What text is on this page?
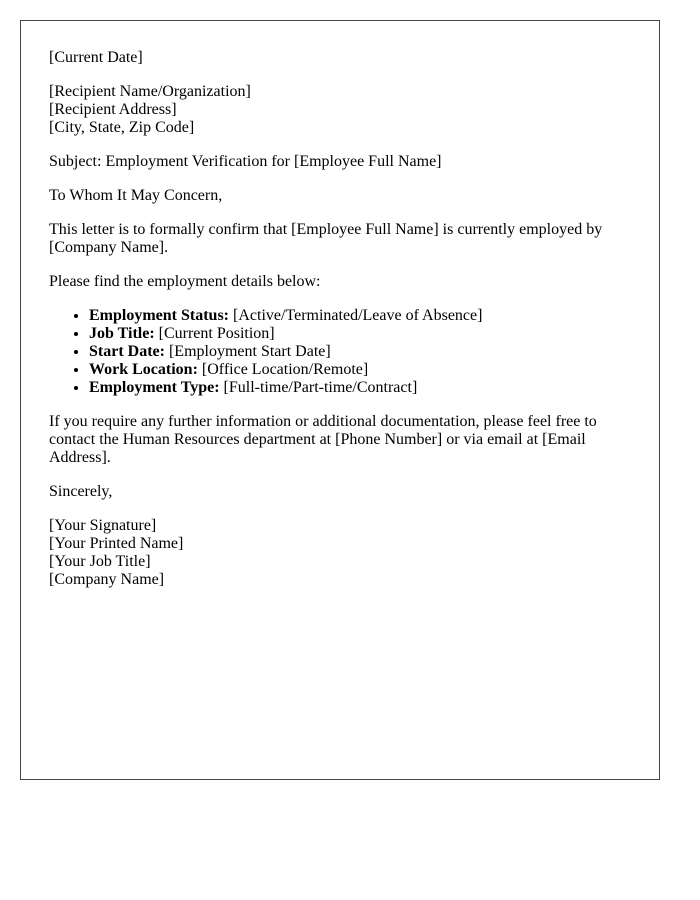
[Current Date]

[Recipient Name/Organization]
[Recipient Address]
[City, State, Zip Code]

Subject: Employment Verification for [Employee Full Name]

To Whom It May Concern,

This letter is to formally confirm that [Employee Full Name] is currently employed by [Company Name].

Please find the employment details below:

• Employment Status: [Active/Terminated/Leave of Absence]
• Job Title: [Current Position]
• Start Date: [Employment Start Date]
• Work Location: [Office Location/Remote]
• Employment Type: [Full-time/Part-time/Contract]

If you require any further information or additional documentation, please feel free to contact the Human Resources department at [Phone Number] or via email at [Email Address].

Sincerely,

[Your Signature]
[Your Printed Name]
[Your Job Title]
[Company Name]
